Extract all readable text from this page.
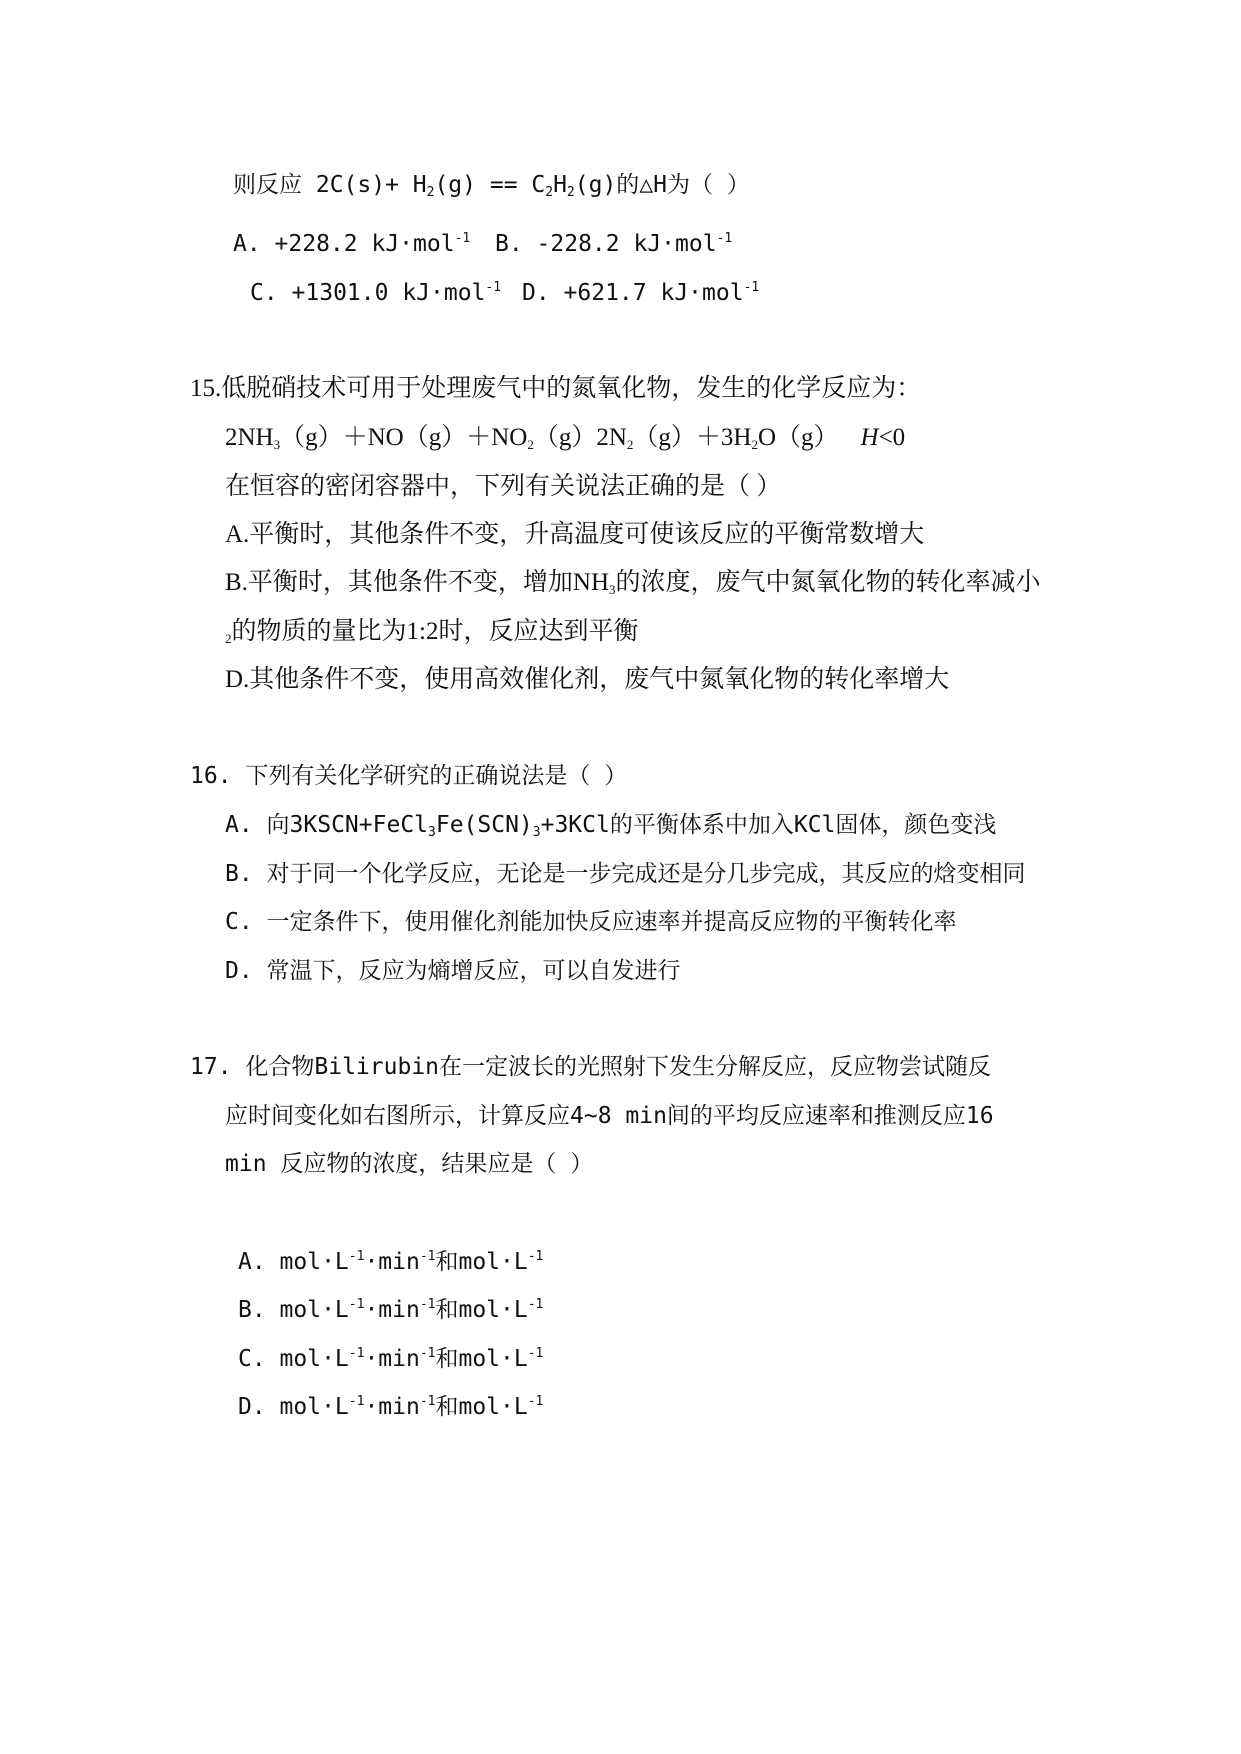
则反应 $2C(s)+ H_2(g) == C_2H_2(g)$的△H为（ ）
A. +228.2 kJ·mol$^{-1}$ B. -228.2 kJ·mol$^{-1}$
C. +1301.0 kJ·mol$^{-1}$ D. +621.7 kJ·mol$^{-1}$
15.低脱硝技术可用于处理废气中的氮氧化物，发生的化学反应为：
$2NH_3(g)+NO(g)+NO_2(g)2N_2(g)+3H_2O(g)$ H<0
在恒容的密闭容器中，下列有关说法正确的是（ ）
A.平衡时，其他条件不变，升高温度可使该反应的平衡常数增大
B.平衡时，其他条件不变，增加$NH_3$的浓度，废气中氮氧化物的转化率减小
$_2$的物质的量比为1:2时，反应达到平衡
D.其他条件不变，使用高效催化剂，废气中氮氧化物的转化率增大
16. 下列有关化学研究的正确说法是（ ）
A. 向$3KSCN+FeCl_3Fe(SCN)_3+3KCl$的平衡体系中加入KCl固体，颜色变浅
B. 对于同一个化学反应，无论是一步完成还是分几步完成，其反应的焓变相同
C. 一定条件下，使用催化剂能加快反应速率并提高反应物的平衡转化率
D. 常温下，反应为熵增反应，可以自发进行
17. 化合物Bilirubin在一定波长的光照射下发生分解反应，反应物尝试随反
应时间变化如右图所示，计算反应4~8 min间的平均反应速率和推测反应16
min 反应物的浓度，结果应是（ ）
A. $mol\cdot L^{-1}\cdot\min^{-1}$和$mol\cdot L^{-1}$
B. $mol\cdot L^{-1}\cdot\min^{-1}$和$mol\cdot L^{-1}$
C. $mol\cdot L^{-1}\cdot\min^{-1}$和$mol\cdot L^{-1}$
D. $mol\cdot L^{-1}\cdot\min^{-1}$和$mol\cdot L^{-1}$
